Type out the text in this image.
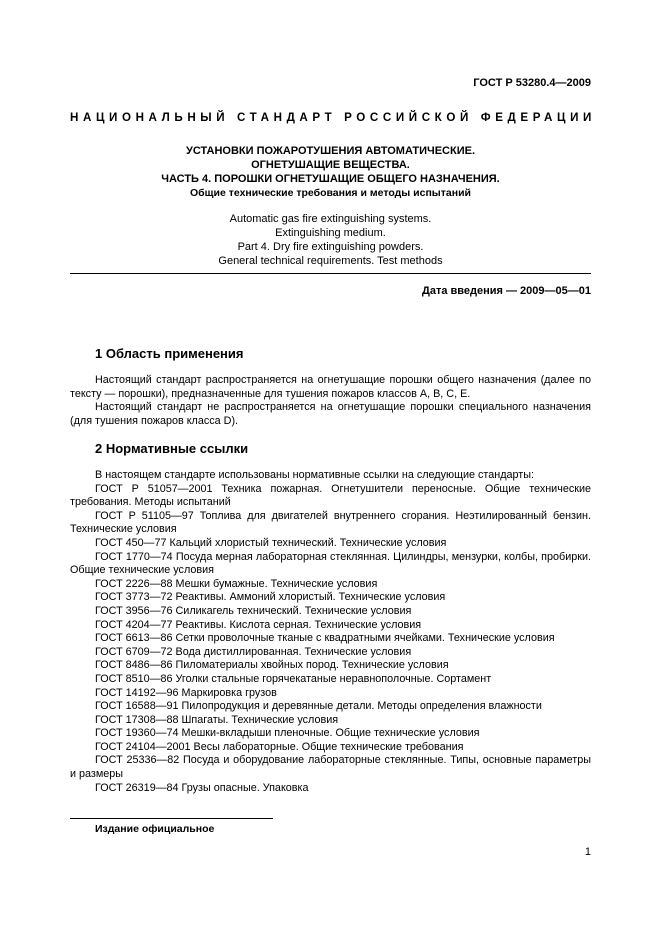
ГОСТ Р 53280.4—2009
НАЦИОНАЛЬНЫЙ СТАНДАРТ РОССИЙСКОЙ ФЕДЕРАЦИИ
УСТАНОВКИ ПОЖАРОТУШЕНИЯ АВТОМАТИЧЕСКИЕ.
ОГНЕТУШАЩИЕ ВЕЩЕСТВА.
ЧАСТЬ 4. ПОРОШКИ ОГНЕТУШАЩИЕ ОБЩЕГО НАЗНАЧЕНИЯ.
Общие технические требования и методы испытаний
Automatic gas fire extinguishing systems.
Extinguishing medium.
Part 4. Dry fire extinguishing powders.
General technical requirements. Test methods
Дата введения — 2009—05—01
1 Область применения

Настоящий стандарт распространяется на огнетушащие порошки общего назначения (далее по тексту — порошки), предназначенные для тушения пожаров классов А, В, С, Е.

Настоящий стандарт не распространяется на огнетушащие порошки специального назначения (для тушения пожаров класса D).

2 Нормативные ссылки
В настоящем стандарте использованы нормативные ссылки на следующие стандарты:
ГОСТ Р 51057—2001 Техника пожарная. Огнетушители переносные. Общие технические требования. Методы испытаний
ГОСТ Р 51105—97 Топлива для двигателей внутреннего сгорания. Неэтилированный бензин. Технические условия
ГОСТ 450—77 Кальций хлористый технический. Технические условия
ГОСТ 1770—74 Посуда мерная лабораторная стеклянная. Цилиндры, мензурки, колбы, пробирки. Общие технические условия
ГОСТ 2226—88 Мешки бумажные. Технические условия
ГОСТ 3773—72 Реактивы. Аммоний хлористый. Технические условия
ГОСТ 3956—76 Силикагель технический. Технические условия
ГОСТ 4204—77 Реактивы. Кислота серная. Технические условия
ГОСТ 6613—86 Сетки проволочные тканые с квадратными ячейками. Технические условия
ГОСТ 6709—72 Вода дистиллированная. Технические условия
ГОСТ 8486—86 Пиломатериалы хвойных пород. Технические условия
ГОСТ 8510—86 Уголки стальные горячекатаные неравнополочные. Сортамент
ГОСТ 14192—96 Маркировка грузов
ГОСТ 16588—91 Пилопродукция и деревянные детали. Методы определения влажности
ГОСТ 17308—88 Шпагаты. Технические условия
ГОСТ 19360—74 Мешки-вкладыши пленочные. Общие технические условия
ГОСТ 24104—2001 Весы лабораторные. Общие технические требования
ГОСТ 25336—82 Посуда и оборудование лабораторные стеклянные. Типы, основные параметры и размеры
ГОСТ 26319—84 Грузы опасные. Упаковка
Издание официальное
1
